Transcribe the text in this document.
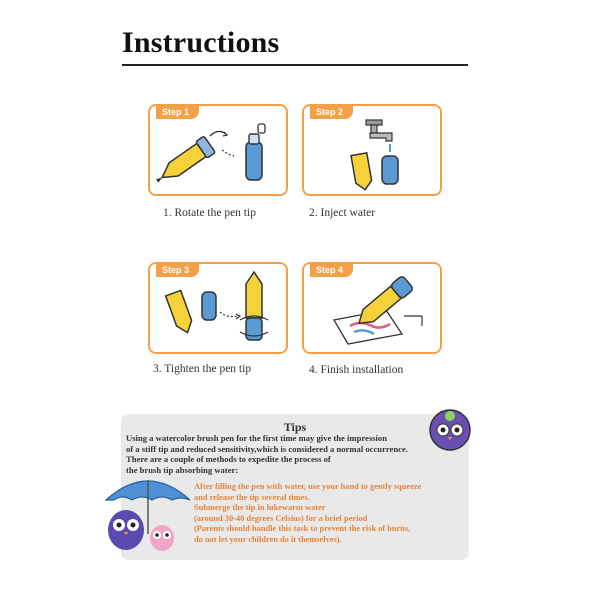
Instructions
Step 1
1. Rotate the pen tip
Step 2
2. Inject water
Step 3
3. Tighten the pen tip
Step 4
4. Finish installation
Tips
Using a watercolor brush pen for the first time may give the impression
of a stiff tip and reduced sensitivity,which is considered a normal occurrence.
There are a couple of methods to expedite the process of
the brush tip absorbing water:
After filling the pen with water, use your hand to gently squeeze
and release the tip several times.
Submerge the tip in lukewarm water
(around 30-40 degrees Celsius) for a brief period
(Parents should handle this task to prevent the risk of burns,
do not let your children do it themselves).
